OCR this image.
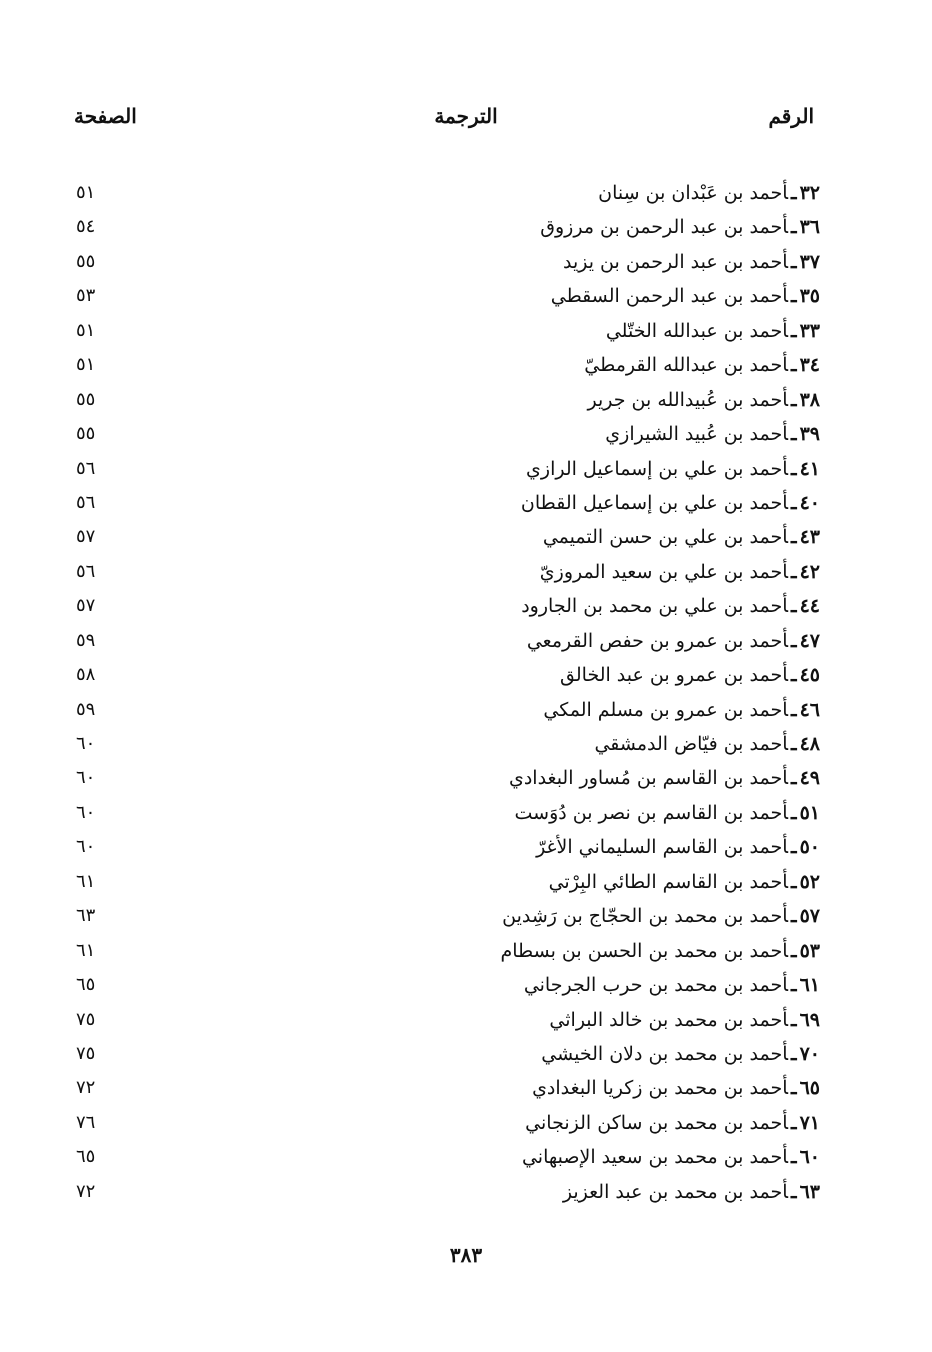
الرقم
الترجمة
الصفحة
٣٢ـأحمد بن عَبْدان بن سِنان
٥١
٣٦ـأحمد بن عبد الرحمن بن مرزوق
٥٤
٣٧ـأحمد بن عبد الرحمن بن يزيد
٥٥
٣٥ـأحمد بن عبد الرحمن السقطي
٥٣
٣٣ـأحمد بن عبدالله الختّلي
٥١
٣٤ـأحمد بن عبدالله القرمطيّ
٥١
٣٨ـأحمد بن عُبيدالله بن جرير
٥٥
٣٩ـأحمد بن عُبيد الشيرازي
٥٥
٤١ـأحمد بن علي بن إسماعيل الرازي
٥٦
٤٠ـأحمد بن علي بن إسماعيل القطان
٥٦
٤٣ـأحمد بن علي بن حسن التميمي
٥٧
٤٢ـأحمد بن علي بن سعيد المروزيّ
٥٦
٤٤ـأحمد بن علي بن محمد بن الجارود
٥٧
٤٧ـأحمد بن عمرو بن حفص القرمعي
٥٩
٤٥ـأحمد بن عمرو بن عبد الخالق
٥٨
٤٦ـأحمد بن عمرو بن مسلم المكي
٥٩
٤٨ـأحمد بن فيّاض الدمشقي
٦٠
٤٩ـأحمد بن القاسم بن مُساور البغدادي
٦٠
٥١ـأحمد بن القاسم بن نصر بن دُوَست
٦٠
٥٠ـأحمد بن القاسم السليماني الأغرّ
٦٠
٥٢ـأحمد بن القاسم الطائي البِرْتي
٦١
٥٧ـأحمد بن محمد بن الحجّاج بن رَشِدين
٦٣
٥٣ـأحمد بن محمد بن الحسن بن بسطام
٦١
٦١ـأحمد بن محمد بن حرب الجرجاني
٦٥
٦٩ـأحمد بن محمد بن خالد البراثي
٧٥
٧٠ـأحمد بن محمد بن دلان الخيشي
٧٥
٦٥ـأحمد بن محمد بن زكريا البغدادي
٧٢
٧١ـأحمد بن محمد بن ساكن الزنجاني
٧٦
٦٠ـأحمد بن محمد بن سعيد الإصبهاني
٦٥
٦٣ـأحمد بن محمد بن عبد العزيز
٧٢
٣٨٣
